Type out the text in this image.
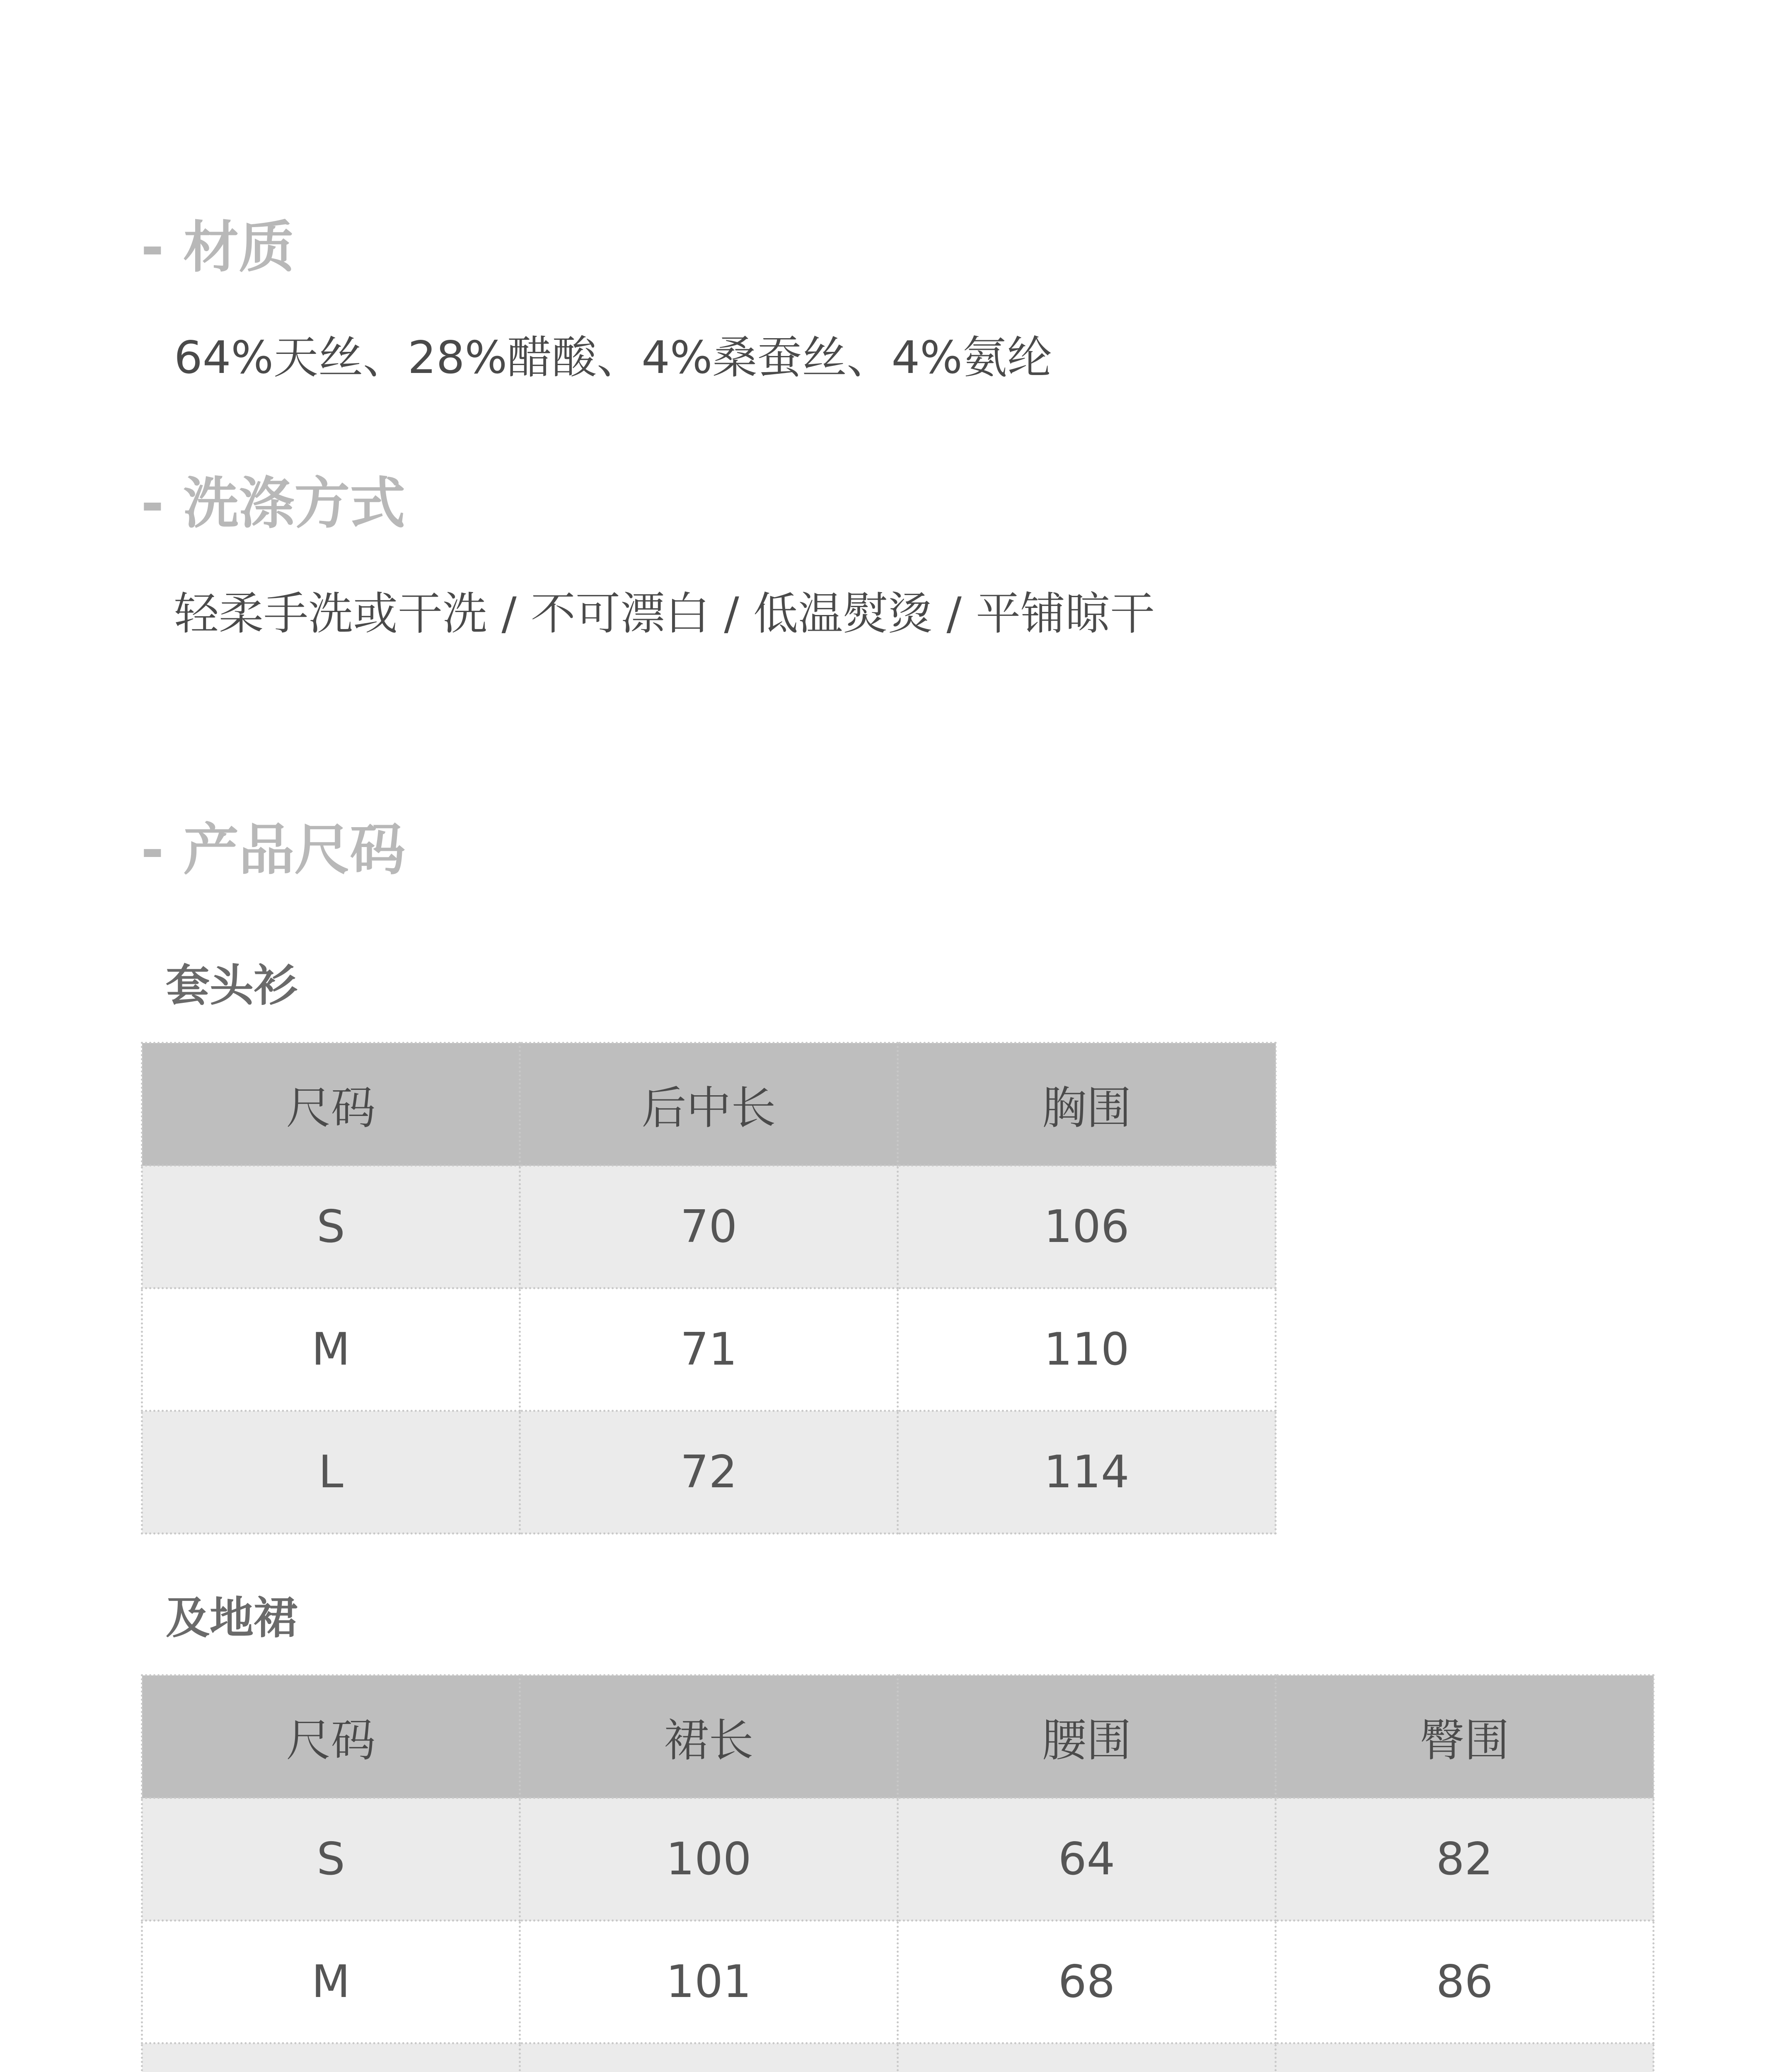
- 材质
64%天丝、28%醋酸、4%桑蚕丝、4%氨纶
- 洗涤方式
轻柔手洗或干洗 / 不可漂白 / 低温熨烫 / 平铺晾干
- 产品尺码
套头衫
尺码	后中长	胸围
S	70	106
M	71	110
L	72	114
及地裙
尺码	裙长	腰围	臀围
S	100	64	82
M	101	68	86
